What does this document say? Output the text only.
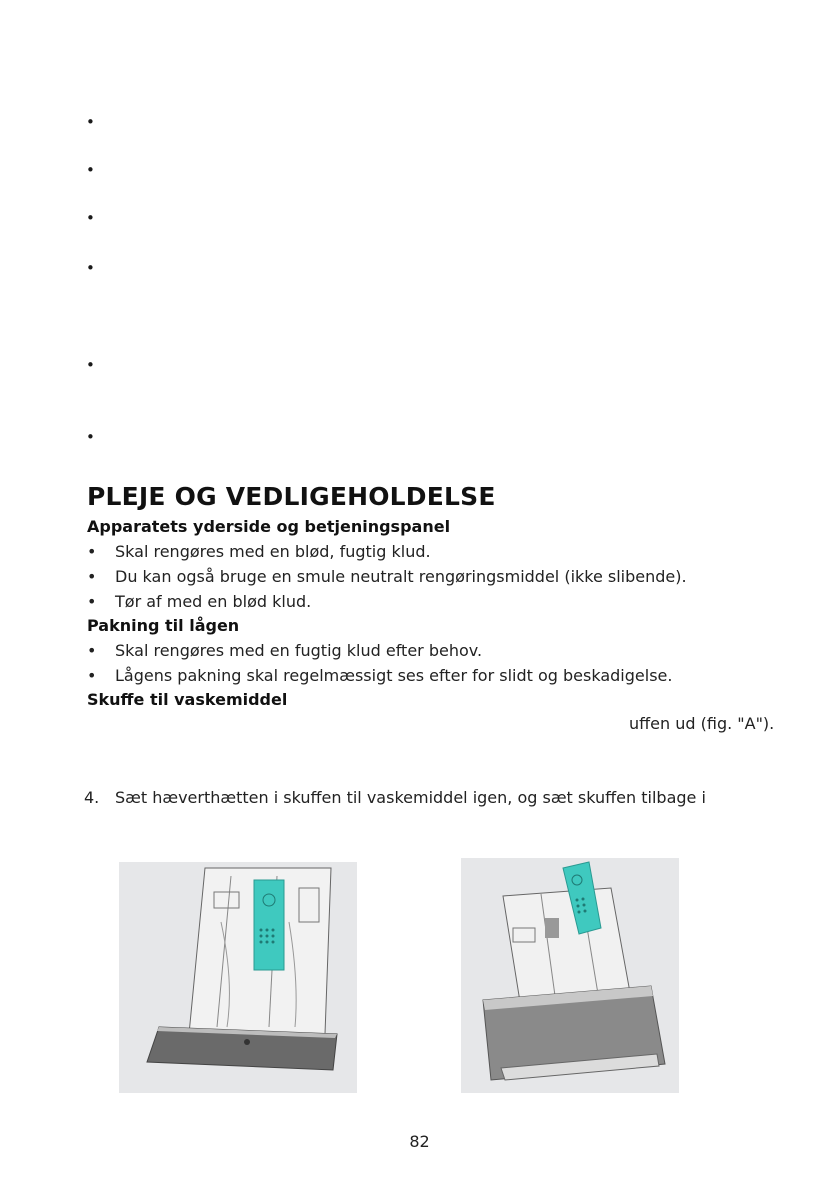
•
•
•
•
•
•
PLEJE OG VEDLIGEHOLDELSE
Apparatets yderside og betjeningspanel
• Skal rengøres med en blød, fugtig klud.
• Du kan også bruge en smule neutralt rengøringsmiddel (ikke slibende).
• Tør af med en blød klud.
Pakning til lågen
• Skal rengøres med en fugtig klud efter behov.
• Lågens pakning skal regelmæssigt ses efter for slidt og beskadigelse.
Skuffe til vaskemiddel
uffen ud (fig. "A").
4. Sæt hæverthætten i skuffen til vaskemiddel igen, og sæt skuffen tilbage i
82
